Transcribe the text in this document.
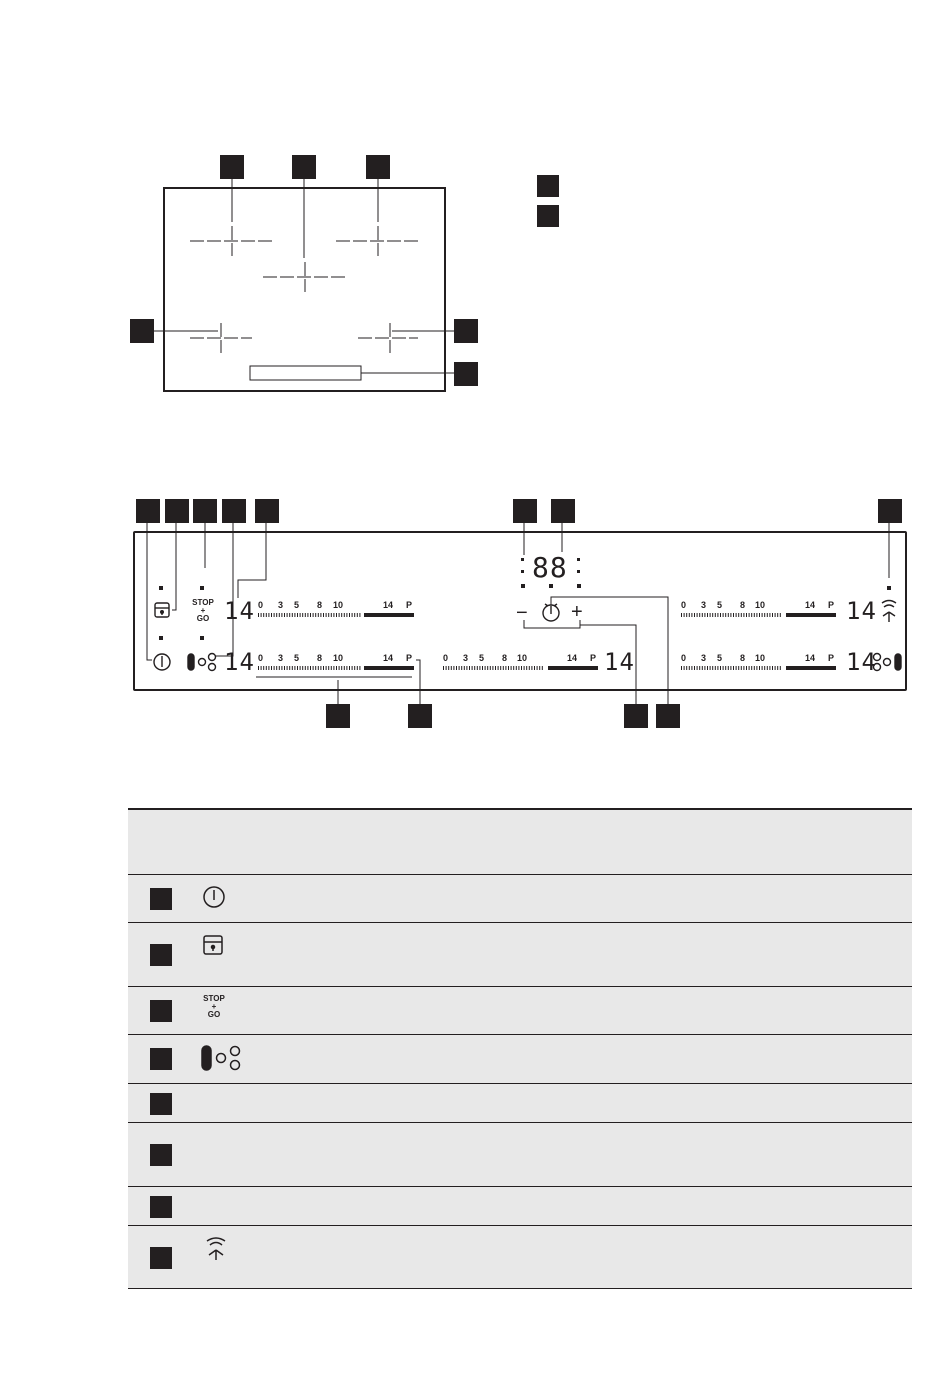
STOP
+
GO
88
− +
14
14	14
14
14
0 3 5 8 10	14 P
0 3 5 8 10	14 P	0 3 5 8 10	14 P
0 3 5 8 10	14 P
0 3 5 8 10	14 P
STOP
+
GO
